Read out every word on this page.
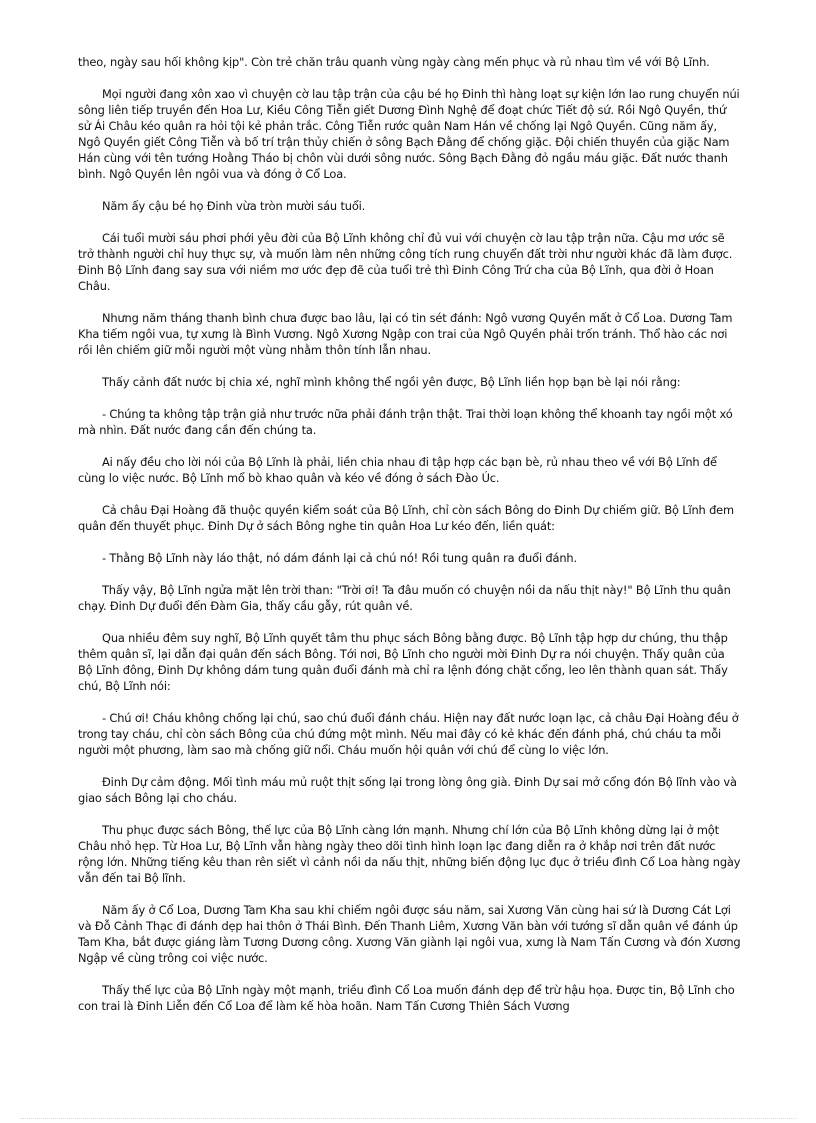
theo, ngày sau hối không kịp". Còn trẻ chăn trâu quanh vùng ngày càng mến phục và rủ nhau tìm về với Bộ Lĩnh.

Mọi người đang xôn xao vì chuyện cờ lau tập trận của cậu bé họ Đinh thì hàng loạt sự kiện lớn lao rung chuyển núi sông liên tiếp truyền đến Hoa Lư, Kiều Công Tiễn giết Dương Đình Nghệ để đoạt chức Tiết độ sứ. Rồi Ngô Quyền, thứ sử Ái Châu kéo quân ra hỏi tội kẻ phản trắc. Công Tiễn rước quân Nam Hán về chống lại Ngô Quyền. Cũng năm ấy, Ngô Quyền giết Công Tiễn và bố trí trận thủy chiến ở sông Bạch Đằng để chống giặc. Đội chiến thuyền của giặc Nam Hán cùng với tên tướng Hoằng Tháo bị chôn vùi dưới sông nước. Sông Bạch Đằng đỏ ngầu máu giặc. Đất nước thanh bình. Ngô Quyền lên ngôi vua và đóng ở Cổ Loa.

Năm ấy cậu bé họ Đinh vừa tròn mười sáu tuổi.

Cái tuổi mười sáu phơi phới yêu đời của Bộ Lĩnh không chỉ đủ vui với chuyện cờ lau tập trận nữa. Cậu mơ ước sẽ trở thành người chỉ huy thực sự, và muốn làm nên những công tích rung chuyển đất trời như người khác đã làm được. Đinh Bộ Lĩnh đang say sưa với niềm mơ ước đẹp đẽ của tuổi trẻ thì Đinh Công Trứ cha của Bộ Lĩnh, qua đời ở Hoan Châu.

Nhưng năm tháng thanh bình chưa được bao lâu, lại có tin sét đánh: Ngô vương Quyền mất ở Cổ Loa. Dương Tam Kha tiếm ngôi vua, tự xưng là Bình Vương. Ngô Xương Ngập con trai của Ngô Quyền phải trốn tránh. Thổ hào các nơi rồi lên chiếm giữ mỗi người một vùng nhằm thôn tính lẫn nhau.

Thấy cảnh đất nước bị chia xé, nghĩ mình không thể ngồi yên được, Bộ Lĩnh liền họp bạn bè lại nói rằng:

- Chúng ta không tập trận giả như trước nữa phải đánh trận thật. Trai thời loạn không thể khoanh tay ngồi một xó mà nhìn. Đất nước đang cần đến chúng ta.

Ai nấy đều cho lời nói của Bộ Lĩnh là phải, liền chia nhau đi tập hợp các bạn bè, rủ nhau theo về với Bộ Lĩnh để cùng lo việc nước. Bộ Lĩnh mổ bò khao quân và kéo về đóng ở sách Đào Úc.

Cả châu Đại Hoàng đã thuộc quyền kiểm soát của Bộ Lĩnh, chỉ còn sách Bông do Đinh Dự chiếm giữ. Bộ Lĩnh đem quân đến thuyết phục. Đinh Dự ở sách Bông nghe tin quân Hoa Lư kéo đến, liền quát:

- Thằng Bộ Lĩnh này láo thật, nó dám đánh lại cả chú nó! Rồi tung quân ra đuổi đánh.

Thấy vậy, Bộ Lĩnh ngửa mặt lên trời than: "Trời ơi! Ta đâu muốn có chuyện nồi da nấu thịt này!" Bộ Lĩnh thu quân chạy. Đinh Dự đuổi đến Đàm Gia, thấy cầu gẫy, rút quân về.

Qua nhiều đêm suy nghĩ, Bộ Lĩnh quyết tâm thu phục sách Bông bằng được. Bộ Lĩnh tập hợp dư chúng, thu thập thêm quân sĩ, lại dẫn đại quân đến sách Bông. Tới nơi, Bộ Lĩnh cho người mời Đinh Dự ra nói chuyện. Thấy quân của Bộ Lĩnh đông, Đinh Dự không dám tung quân đuổi đánh mà chỉ ra lệnh đóng chặt cổng, leo lên thành quan sát. Thấy chú, Bộ Lĩnh nói:

- Chú ơi! Cháu không chống lại chú, sao chú đuổi đánh cháu. Hiện nay đất nước loạn lạc, cả châu Đại Hoàng đều ở trong tay cháu, chỉ còn sách Bông của chú đứng một mình. Nếu mai đây có kẻ khác đến đánh phá, chú cháu ta mỗi người một phương, làm sao mà chống giữ nổi. Cháu muốn hội quân với chú để cùng lo việc lớn.

Đinh Dự cảm động. Mối tình máu mủ ruột thịt sống lại trong lòng ông già. Đinh Dự sai mở cổng đón Bộ lĩnh vào và giao sách Bông lại cho cháu.

Thu phục được sách Bông, thế lực của Bộ Lĩnh càng lớn mạnh. Nhưng chí lớn của Bộ Lĩnh không dừng lại ở một Châu nhỏ hẹp. Từ Hoa Lư, Bộ Lĩnh vẫn hàng ngày theo dõi tình hình loạn lạc đang diễn ra ở khắp nơi trên đất nước rộng lớn. Những tiếng kêu than rên siết vì cảnh nồi da nấu thịt, những biến động lục đục ở triều đình Cổ Loa hàng ngày vẫn đến tai Bộ lĩnh.

Năm ấy ở Cổ Loa, Dương Tam Kha sau khi chiếm ngôi được sáu năm, sai Xương Văn cùng hai sứ là Dương Cát Lợi và Đỗ Cảnh Thạc đi đánh dẹp hai thôn ở Thái Bình. Đến Thanh Liêm, Xương Văn bàn với tướng sĩ dẫn quân về đánh úp Tam Kha, bắt được giáng làm Tương Dương công. Xương Văn giành lại ngôi vua, xưng là Nam Tấn Cương và đón Xương Ngập về cùng trông coi việc nước.

Thấy thế lực của Bộ Lĩnh ngày một mạnh, triều đình Cổ Loa muốn đánh dẹp để trừ hậu họa. Được tin, Bộ Lĩnh cho con trai là Đinh Liễn đến Cổ Loa để làm kế hòa hoãn. Nam Tấn Cương Thiên Sách Vương
